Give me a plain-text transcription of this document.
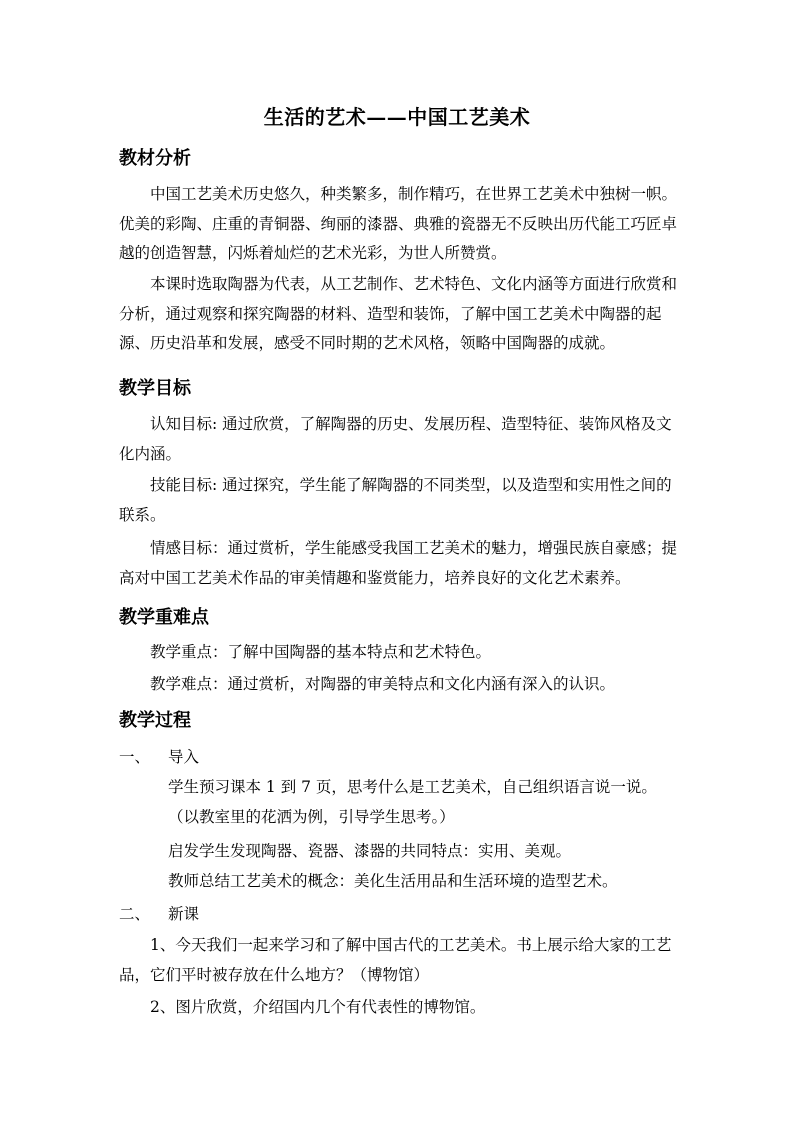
生活的艺术——中国工艺美术
教材分析

中国工艺美术历史悠久，种类繁多，制作精巧，在世界工艺美术中独树一帜。优美的彩陶、庄重的青铜器、绚丽的漆器、典雅的瓷器无不反映出历代能工巧匠卓越的创造智慧，闪烁着灿烂的艺术光彩，为世人所赞赏。

本课时选取陶器为代表，从工艺制作、艺术特色、文化内涵等方面进行欣赏和分析，通过观察和探究陶器的材料、造型和装饰，了解中国工艺美术中陶器的起源、历史沿革和发展，感受不同时期的艺术风格，领略中国陶器的成就。

教学目标

认知目标: 通过欣赏，了解陶器的历史、发展历程、造型特征、装饰风格及文化内涵。

技能目标: 通过探究，学生能了解陶器的不同类型，以及造型和实用性之间的联系。

情感目标：通过赏析，学生能感受我国工艺美术的魅力，增强民族自豪感；提高对中国工艺美术作品的审美情趣和鉴赏能力，培养良好的文化艺术素养。

教学重难点

教学重点：了解中国陶器的基本特点和艺术特色。

教学难点：通过赏析，对陶器的审美特点和文化内涵有深入的认识。

教学过程
一、 导入

学生预习课本 1 到 7 页，思考什么是工艺美术，自己组织语言说一说。（以教室里的花洒为例，引导学生思考。）

启发学生发现陶器、瓷器、漆器的共同特点：实用、美观。

教师总结工艺美术的概念：美化生活用品和生活环境的造型艺术。

二、 新课

1、今天我们一起来学习和了解中国古代的工艺美术。书上展示给大家的工艺品，它们平时被存放在什么地方？（博物馆）

2、图片欣赏，介绍国内几个有代表性的博物馆。
